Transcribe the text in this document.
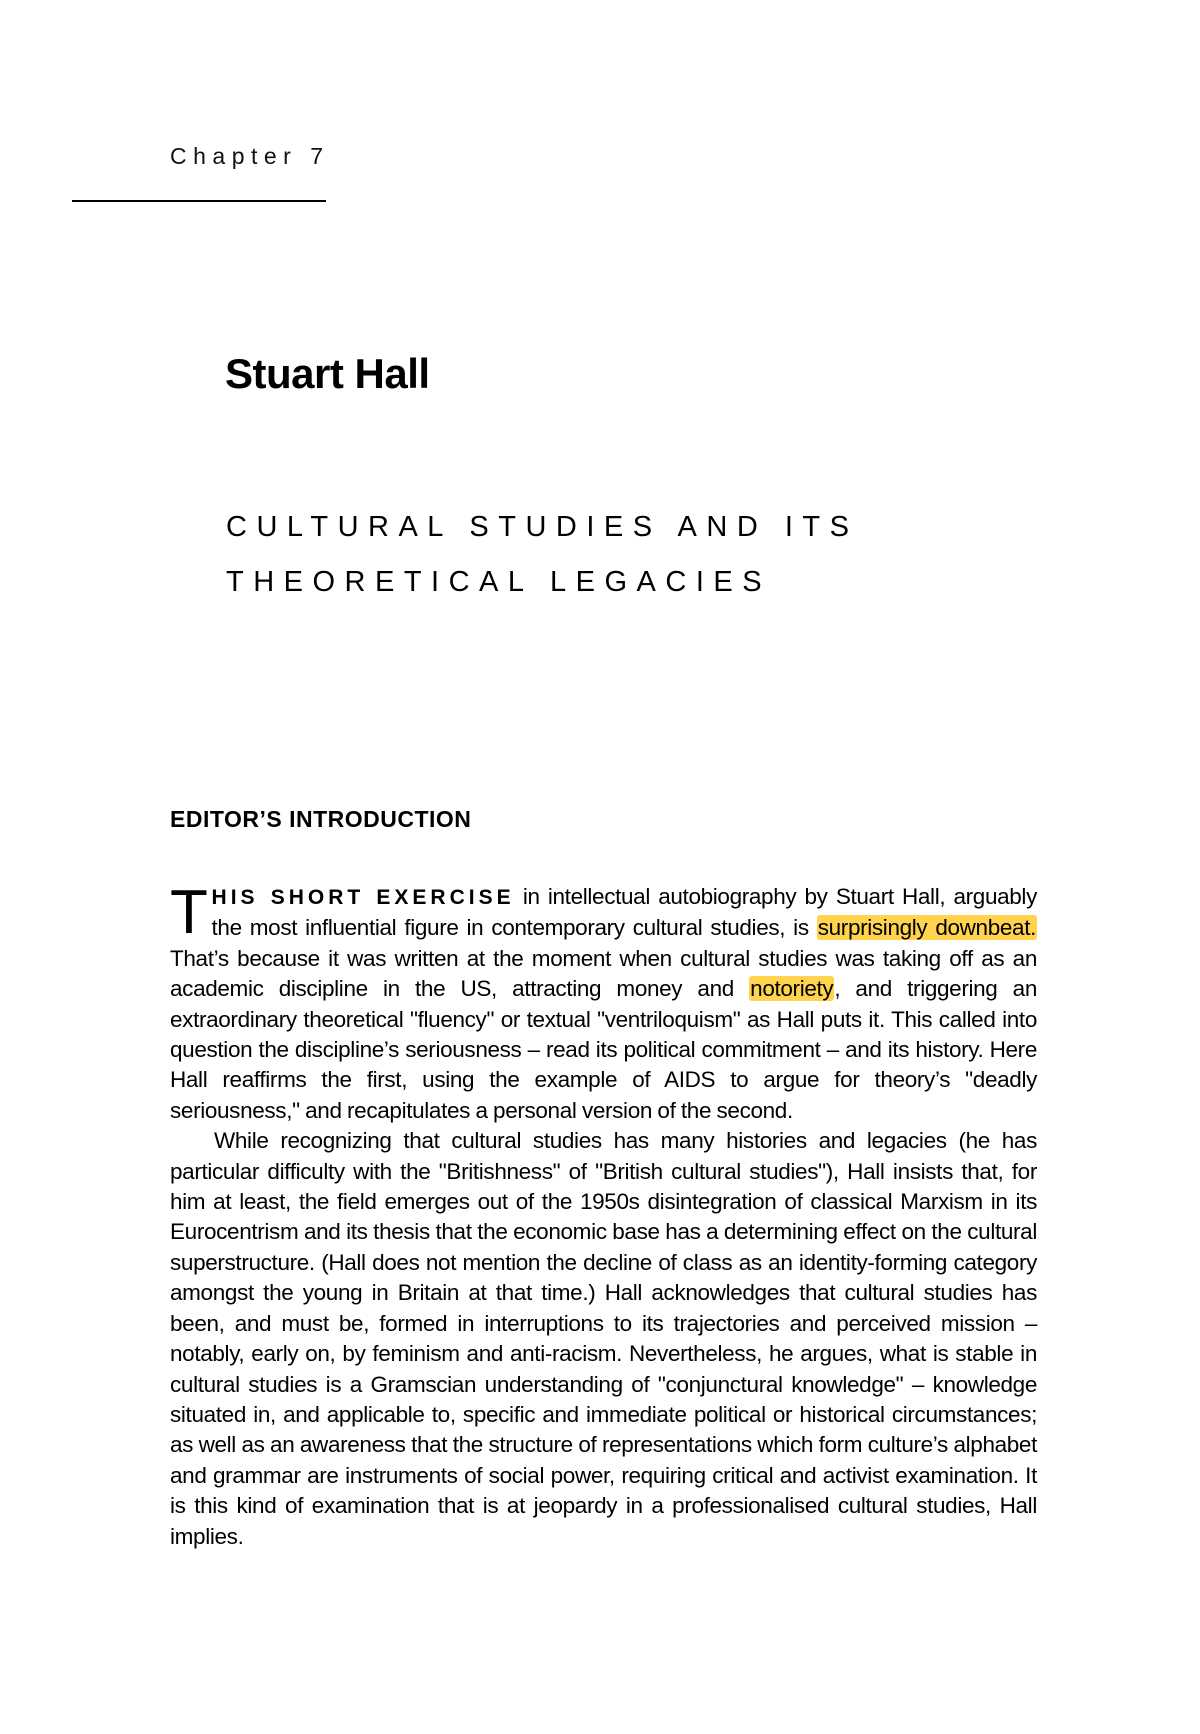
Chapter 7
Stuart Hall
CULTURAL STUDIES AND ITS
THEORETICAL LEGACIES
EDITOR’S INTRODUCTION

THIS SHORT EXERCISE in intellectual autobiography by Stuart Hall, arguably the most influential figure in contemporary cultural studies, is surprisingly downbeat. That’s because it was written at the moment when cultural studies was taking off as an academic discipline in the US, attracting money and notoriety, and triggering an extraordinary theoretical "fluency" or textual "ventriloquism" as Hall puts it. This called into question the discipline’s seriousness – read its political commitment – and its history. Here Hall reaffirms the first, using the example of AIDS to argue for theory’s "deadly seriousness," and recapitulates a personal version of the second.

While recognizing that cultural studies has many histories and legacies (he has particular difficulty with the "Britishness" of "British cultural studies"), Hall insists that, for him at least, the field emerges out of the 1950s disintegration of classical Marxism in its Eurocentrism and its thesis that the economic base has a determining effect on the cultural superstructure. (Hall does not mention the decline of class as an identity-forming category amongst the young in Britain at that time.) Hall acknowledges that cultural studies has been, and must be, formed in interruptions to its trajectories and perceived mission – notably, early on, by feminism and anti-racism. Nevertheless, he argues, what is stable in cultural studies is a Gramscian understanding of "conjunctural knowledge" – knowledge situated in, and applicable to, specific and immediate political or historical circumstances; as well as an awareness that the structure of representations which form culture’s alphabet and grammar are instruments of social power, requiring critical and activist examination. It is this kind of examination that is at jeopardy in a professionalised cultural studies, Hall implies.
